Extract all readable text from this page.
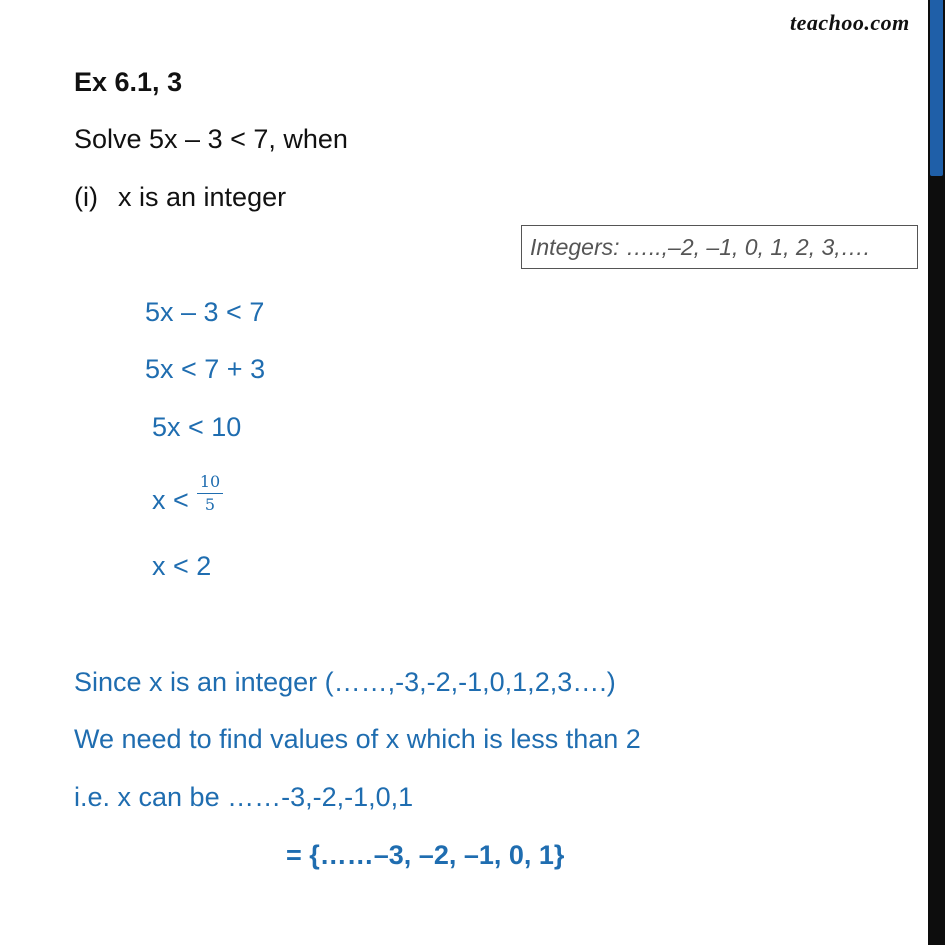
teachoo.com
Ex 6.1, 3
Solve 5x – 3 < 7, when
(i) x is an integer
Integers: …..,–2, –1, 0, 1, 2, 3,….
5x – 3 < 7
5x < 7 + 3
5x < 10
x <
10
5
x < 2
Since x is an integer (……,-3,-2,-1,0,1,2,3….)
We need to find values of x which is less than 2
i.e. x can be ……-3,-2,-1,0,1
= {……–3, –2, –1, 0, 1}
